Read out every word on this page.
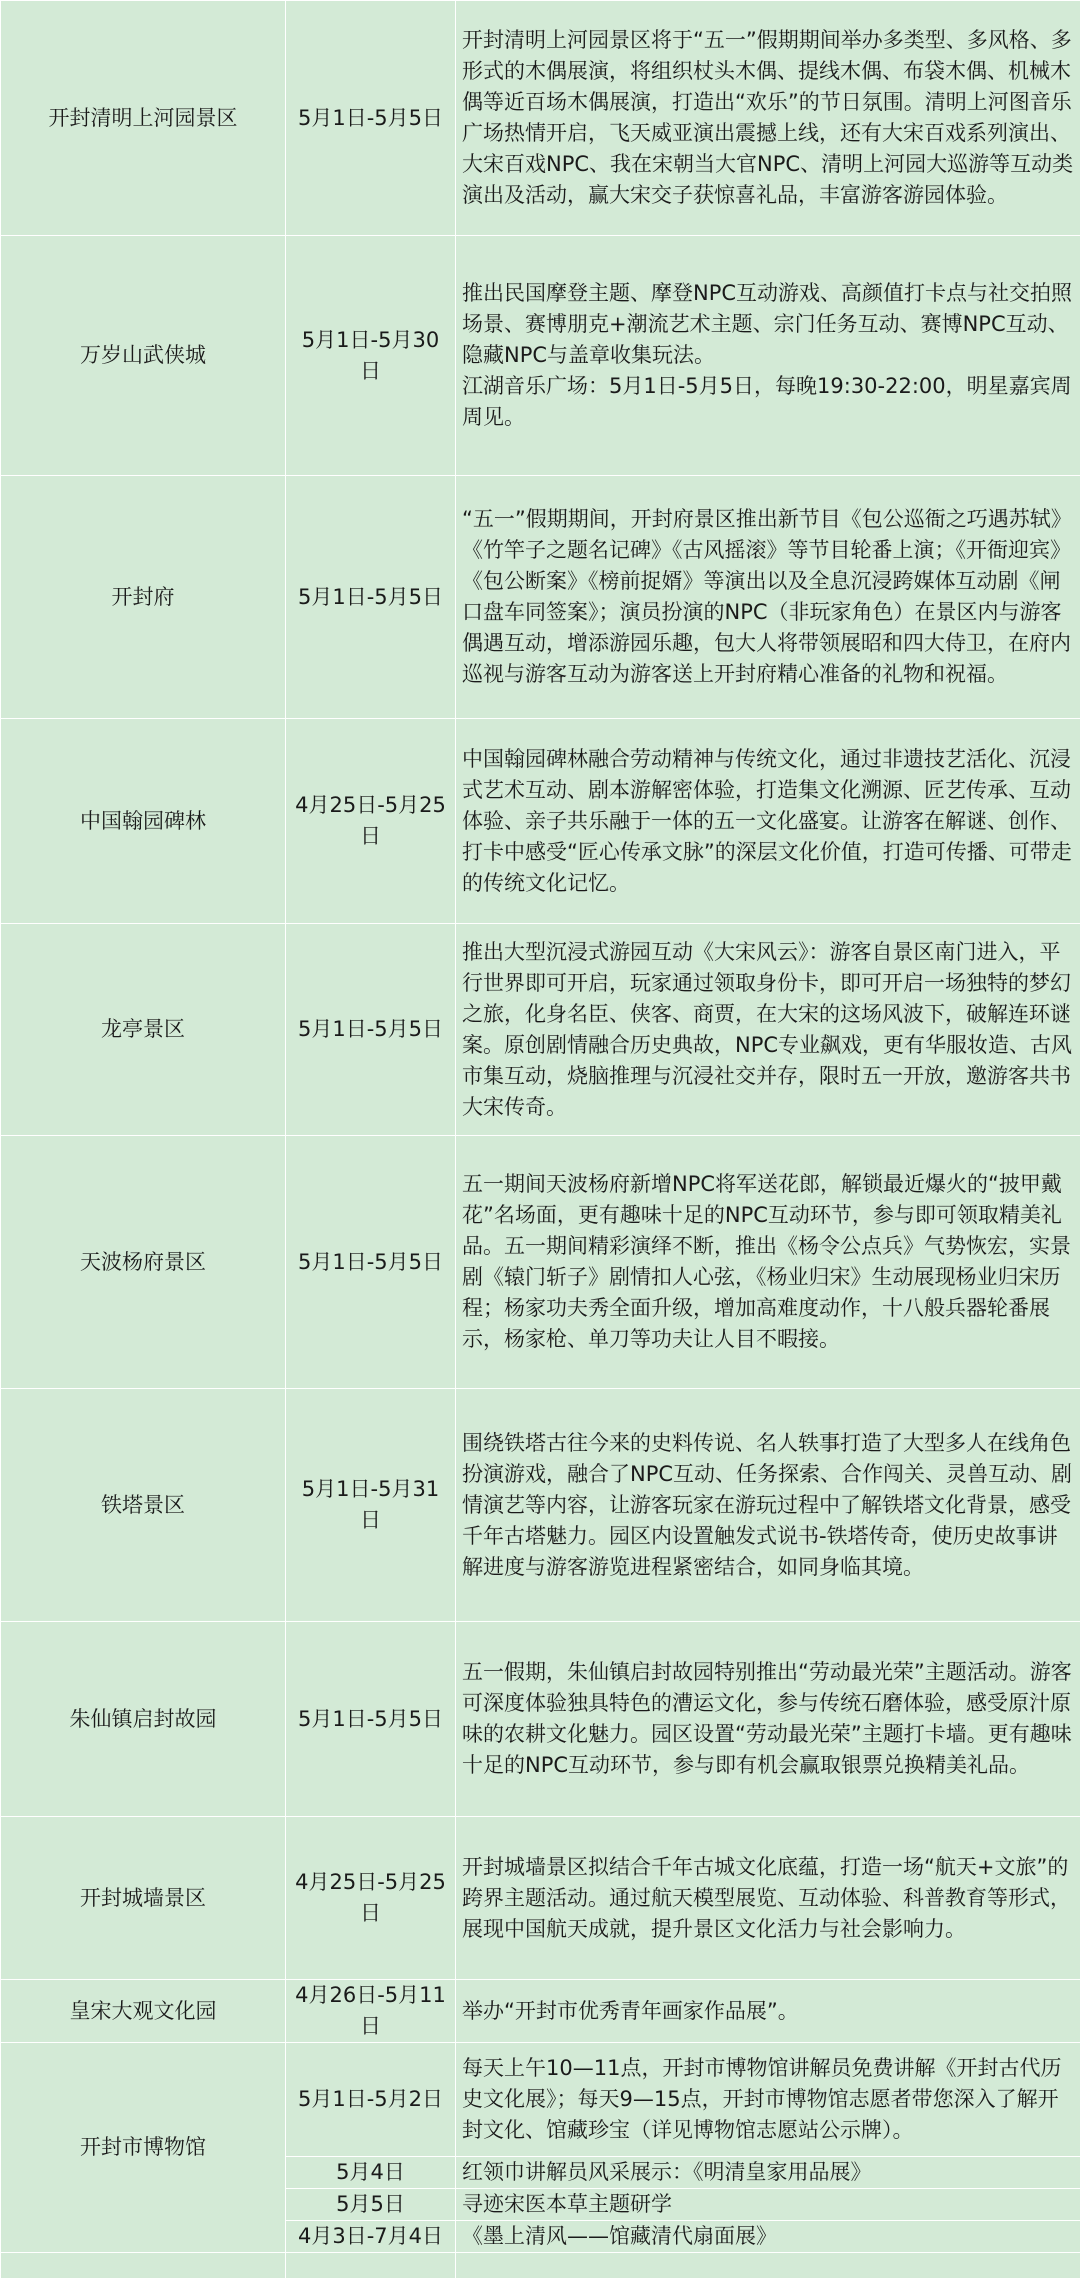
开封清明上河园景区	5月1日-5月5日	开封清明上河园景区将于“五一”假期期间举办多类型、多风格、多形式的木偶展演，将组织杖头木偶、提线木偶、布袋木偶、机械木偶等近百场木偶展演，打造出“欢乐”的节日氛围。清明上河图音乐广场热情开启，飞天威亚演出震撼上线，还有大宋百戏系列演出、大宋百戏NPC、我在宋朝当大官NPC、清明上河园大巡游等互动类演出及活动，赢大宋交子获惊喜礼品，丰富游客游园体验。
万岁山武侠城	5月1日-5月30日	推出民国摩登主题、摩登NPC互动游戏、高颜值打卡点与社交拍照场景、赛博朋克+潮流艺术主题、宗门任务互动、赛博NPC互动、隐藏NPC与盖章收集玩法。
江湖音乐广场：5月1日-5月5日，每晚19:30-22:00，明星嘉宾周周见。
开封府	5月1日-5月5日	“五一”假期期间，开封府景区推出新节目《包公巡衙之巧遇苏轼》《竹竿子之题名记碑》《古风摇滚》等节目轮番上演；《开衙迎宾》《包公断案》《榜前捉婿》等演出以及全息沉浸跨媒体互动剧《闸口盘车同签案》；演员扮演的NPC（非玩家角色）在景区内与游客偶遇互动，增添游园乐趣，包大人将带领展昭和四大侍卫，在府内巡视与游客互动为游客送上开封府精心准备的礼物和祝福。
中国翰园碑林	4月25日-5月25日	中国翰园碑林融合劳动精神与传统文化，通过非遗技艺活化、沉浸式艺术互动、剧本游解密体验，打造集文化溯源、匠艺传承、互动体验、亲子共乐融于一体的五一文化盛宴。让游客在解谜、创作、打卡中感受“匠心传承文脉”的深层文化价值，打造可传播、可带走的传统文化记忆。
龙亭景区	5月1日-5月5日	推出大型沉浸式游园互动《大宋风云》：游客自景区南门进入，平行世界即可开启，玩家通过领取身份卡，即可开启一场独特的梦幻之旅，化身名臣、侠客、商贾，在大宋的这场风波下，破解连环谜案。原创剧情融合历史典故，NPC专业飙戏，更有华服妆造、古风市集互动，烧脑推理与沉浸社交并存，限时五一开放，邀游客共书大宋传奇。
天波杨府景区	5月1日-5月5日	五一期间天波杨府新增NPC将军送花郎，解锁最近爆火的“披甲戴花”名场面，更有趣味十足的NPC互动环节，参与即可领取精美礼品。五一期间精彩演绎不断，推出《杨令公点兵》气势恢宏，实景剧《辕门斩子》剧情扣人心弦，《杨业归宋》生动展现杨业归宋历程；杨家功夫秀全面升级，增加高难度动作，十八般兵器轮番展示，杨家枪、单刀等功夫让人目不暇接。
铁塔景区	5月1日-5月31日	围绕铁塔古往今来的史料传说、名人轶事打造了大型多人在线角色扮演游戏，融合了NPC互动、任务探索、合作闯关、灵兽互动、剧情演艺等内容，让游客玩家在游玩过程中了解铁塔文化背景，感受千年古塔魅力。园区内设置触发式说书-铁塔传奇，使历史故事讲解进度与游客游览进程紧密结合，如同身临其境。
朱仙镇启封故园	5月1日-5月5日	五一假期，朱仙镇启封故园特别推出“劳动最光荣”主题活动。游客可深度体验独具特色的漕运文化，参与传统石磨体验，感受原汁原味的农耕文化魅力。园区设置“劳动最光荣”主题打卡墙。更有趣味十足的NPC互动环节，参与即有机会赢取银票兑换精美礼品。
开封城墙景区	4月25日-5月25日	开封城墙景区拟结合千年古城文化底蕴，打造一场“航天+文旅”的跨界主题活动。通过航天模型展览、互动体验、科普教育等形式，展现中国航天成就，提升景区文化活力与社会影响力。
皇宋大观文化园	4月26日-5月11日	举办“开封市优秀青年画家作品展”。
开封市博物馆	5月1日-5月2日	每天上午10—11点，开封市博物馆讲解员免费讲解《开封古代历史文化展》；每天9—15点，开封市博物馆志愿者带您深入了解开封文化、馆藏珍宝（详见博物馆志愿站公示牌）。
	5月4日	红领巾讲解员风采展示：《明清皇家用品展》
	5月5日	寻迹宋医本草主题研学
	4月3日-7月4日	《墨上清风——馆藏清代扇面展》
